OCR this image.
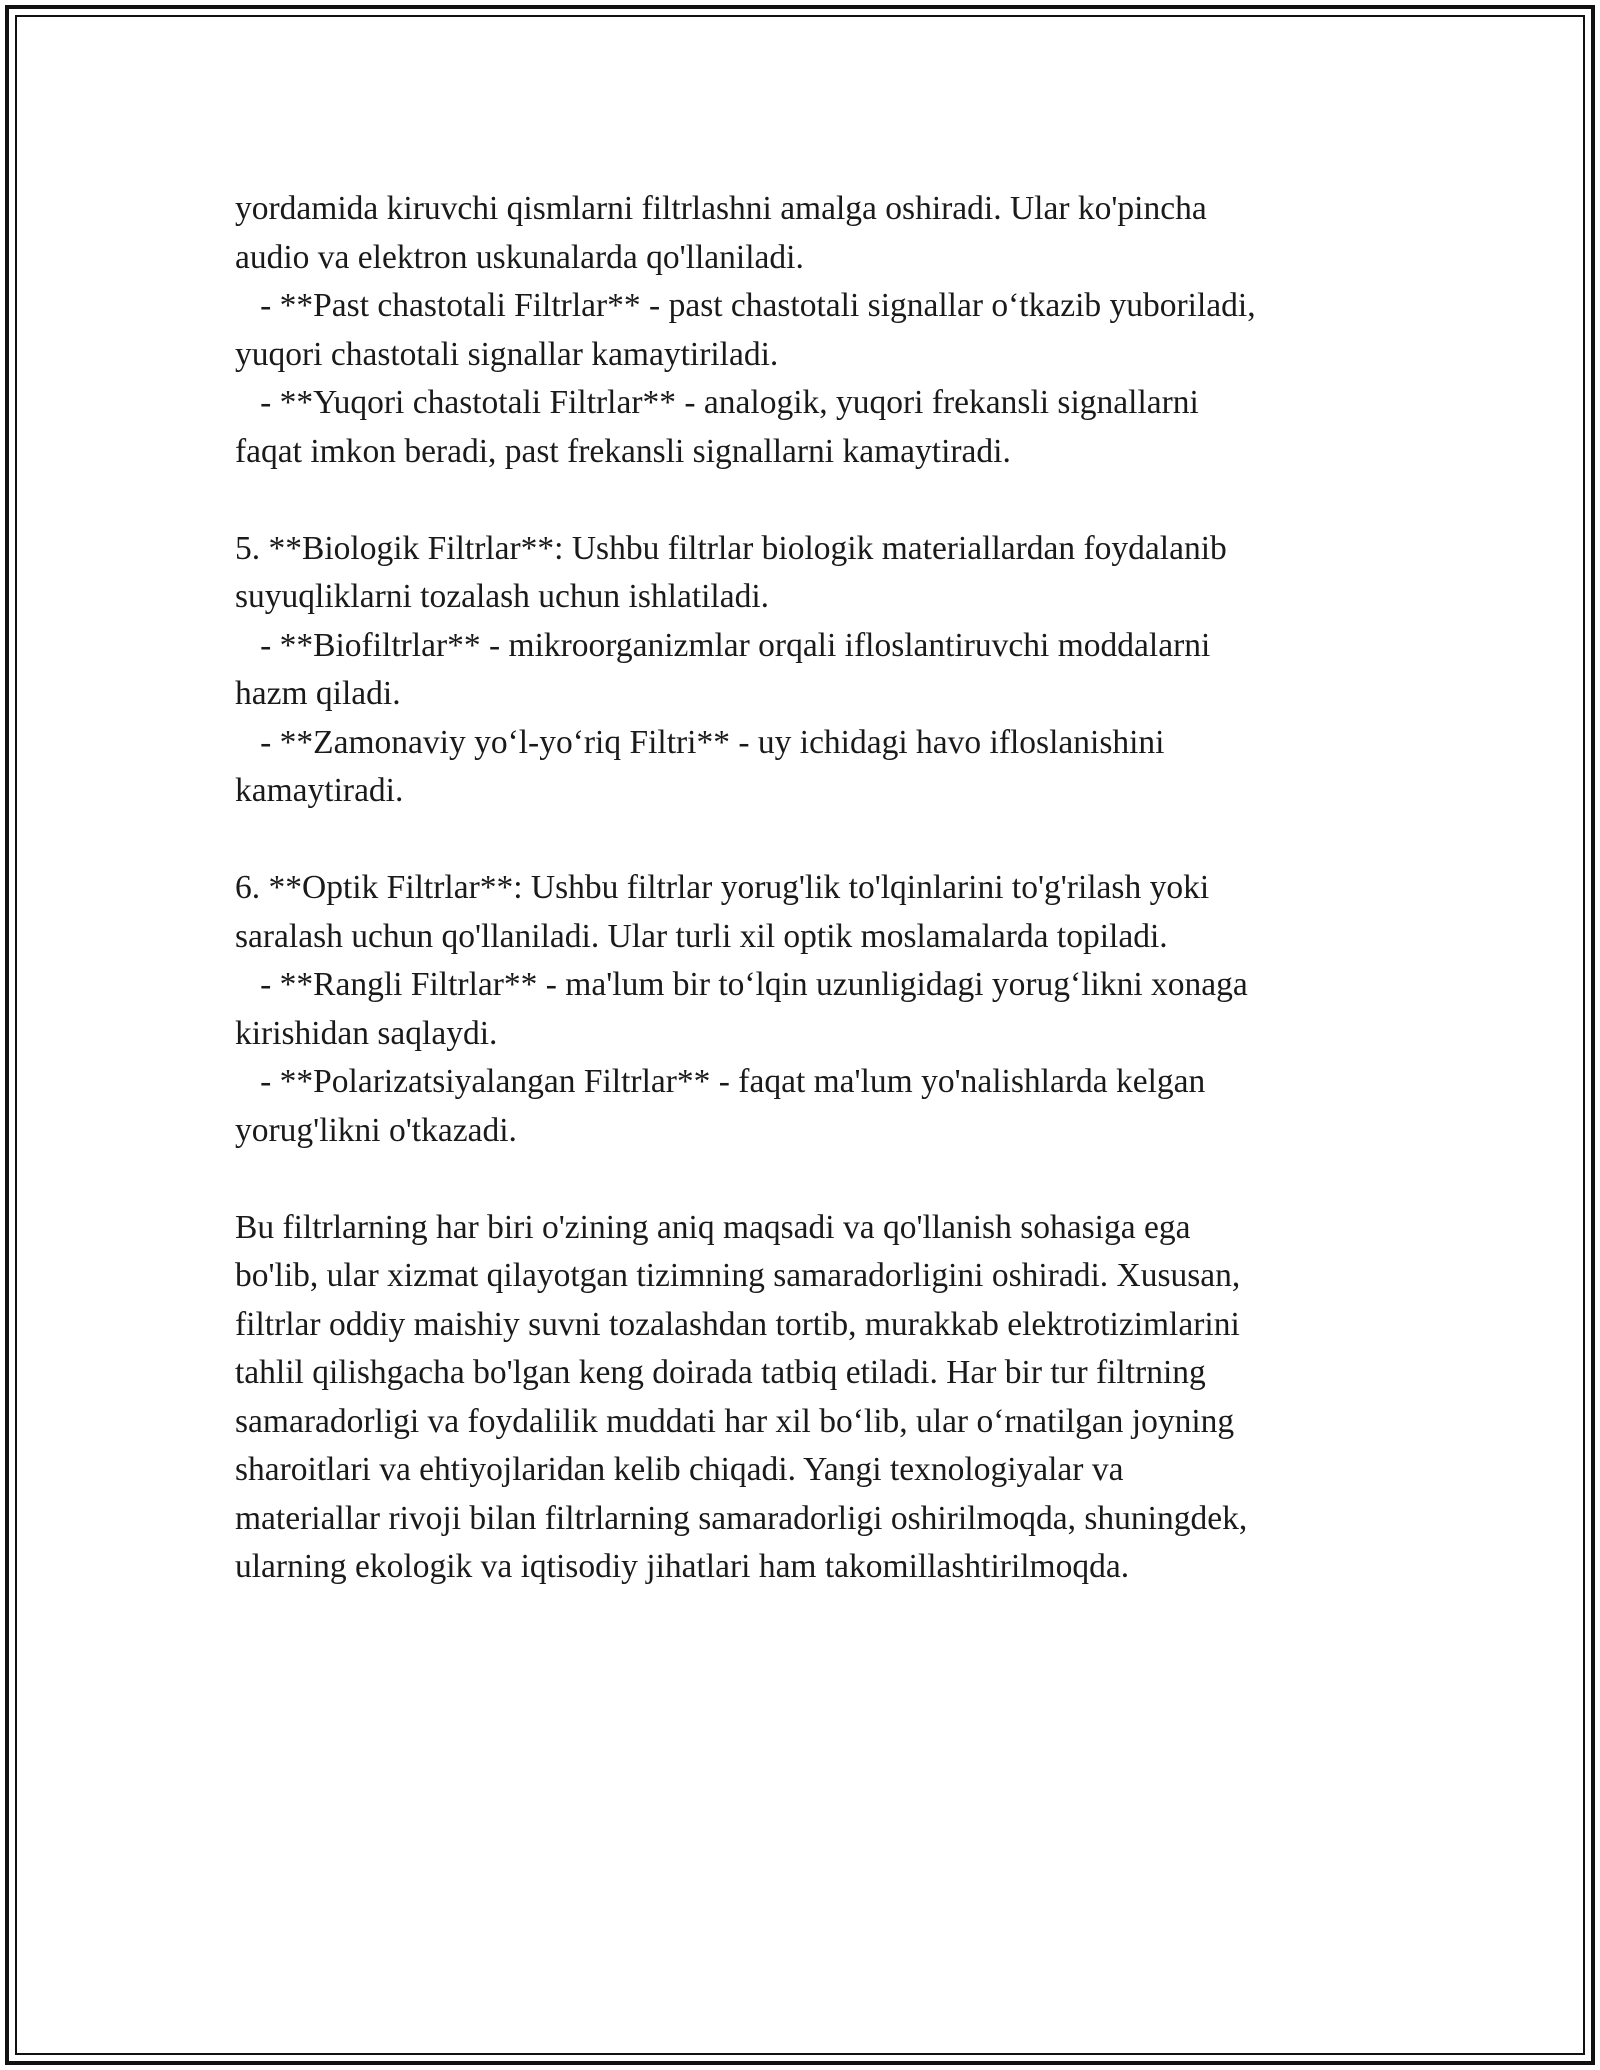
yordamida kiruvchi qismlarni filtrlashni amalga oshiradi. Ular ko'pincha
audio va elektron uskunalarda qo'llaniladi.
- **Past chastotali Filtrlar** - past chastotali signallar o‘tkazib yuboriladi,
yuqori chastotali signallar kamaytiriladi.
- **Yuqori chastotali Filtrlar** - analogik, yuqori frekansli signallarni
faqat imkon beradi, past frekansli signallarni kamaytiradi.
5. **Biologik Filtrlar**: Ushbu filtrlar biologik materiallardan foydalanib
suyuqliklarni tozalash uchun ishlatiladi.
- **Biofiltrlar** - mikroorganizmlar orqali ifloslantiruvchi moddalarni
hazm qiladi.
- **Zamonaviy yo‘l-yo‘riq Filtri** - uy ichidagi havo ifloslanishini
kamaytiradi.
6. **Optik Filtrlar**: Ushbu filtrlar yorug'lik to'lqinlarini to'g'rilash yoki
saralash uchun qo'llaniladi. Ular turli xil optik moslamalarda topiladi.
- **Rangli Filtrlar** - ma'lum bir to‘lqin uzunligidagi yorug‘likni xonaga
kirishidan saqlaydi.
- **Polarizatsiyalangan Filtrlar** - faqat ma'lum yo'nalishlarda kelgan
yorug'likni o'tkazadi.
Bu filtrlarning har biri o'zining aniq maqsadi va qo'llanish sohasiga ega
bo'lib, ular xizmat qilayotgan tizimning samaradorligini oshiradi. Xususan,
filtrlar oddiy maishiy suvni tozalashdan tortib, murakkab elektrotizimlarini
tahlil qilishgacha bo'lgan keng doirada tatbiq etiladi. Har bir tur filtrning
samaradorligi va foydalilik muddati har xil bo‘lib, ular o‘rnatilgan joyning
sharoitlari va ehtiyojlaridan kelib chiqadi. Yangi texnologiyalar va
materiallar rivoji bilan filtrlarning samaradorligi oshirilmoqda, shuningdek,
ularning ekologik va iqtisodiy jihatlari ham takomillashtirilmoqda.
